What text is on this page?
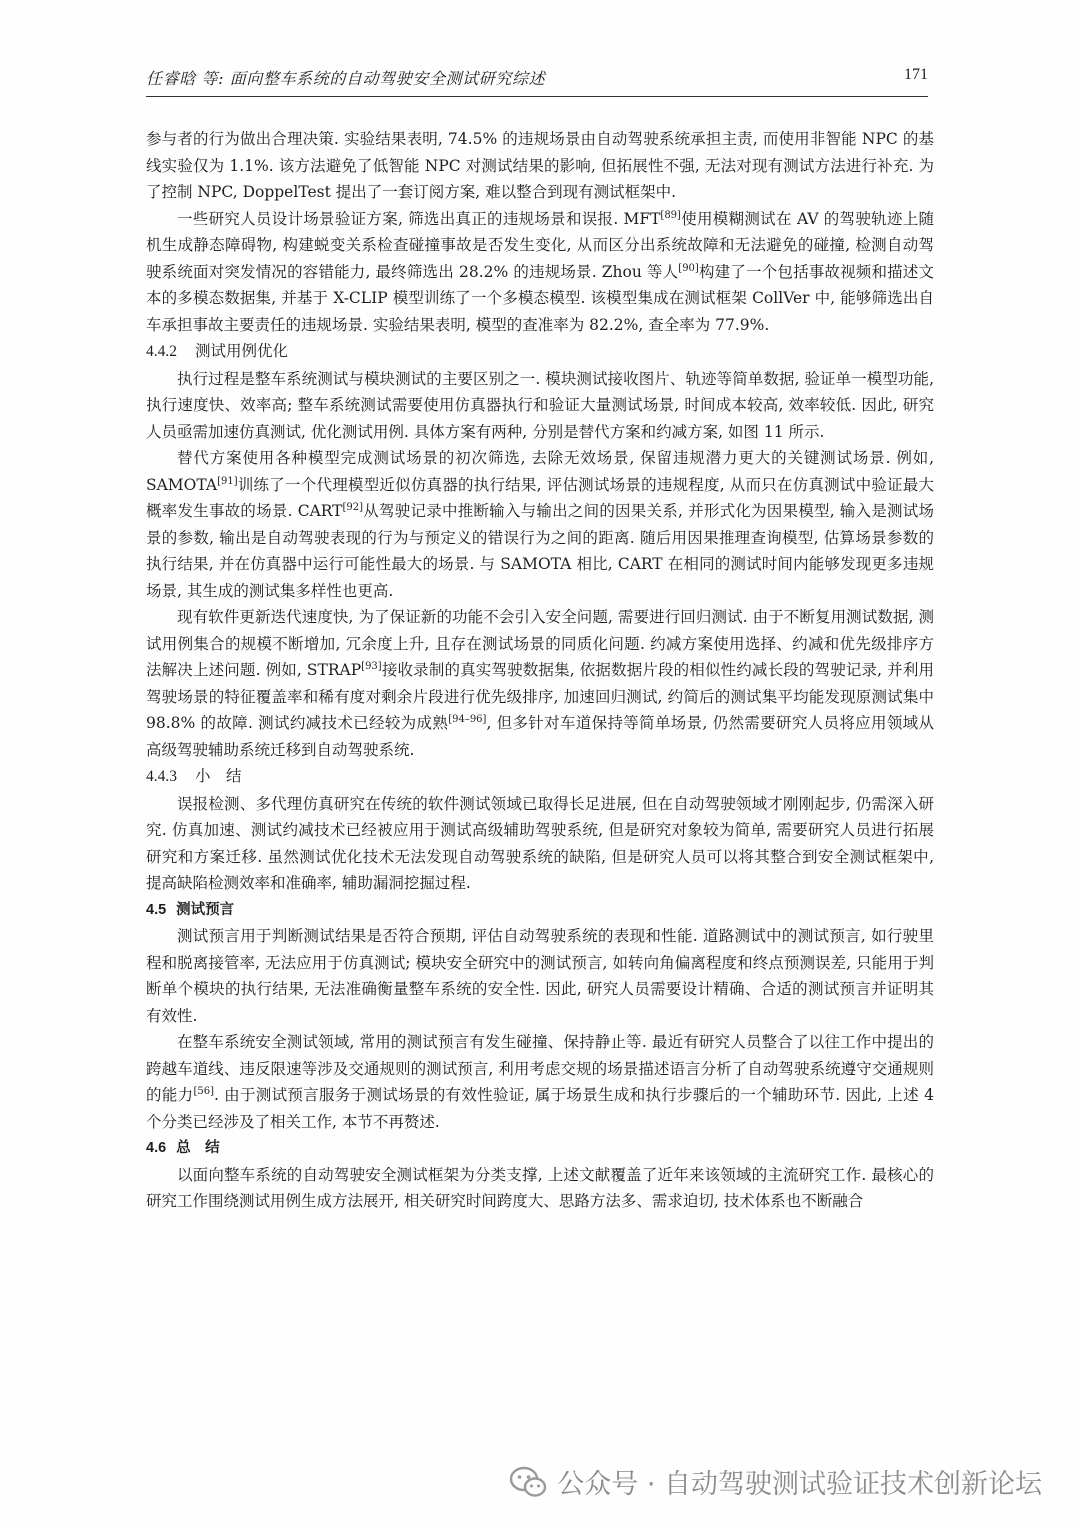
任睿晗 等: 面向整车系统的自动驾驶安全测试研究综述	171

参与者的行为做出合理决策. 实验结果表明, 74.5% 的违规场景由自动驾驶系统承担主责, 而使用非智能 NPC 的基线实验仅为 1.1%. 该方法避免了低智能 NPC 对测试结果的影响, 但拓展性不强, 无法对现有测试方法进行补充. 为了控制 NPC, DoppelTest 提出了一套订阅方案, 难以整合到现有测试框架中.

一些研究人员设计场景验证方案, 筛选出真正的违规场景和误报. MFT[89]使用模糊测试在 AV 的驾驶轨迹上随机生成静态障碍物, 构建蜕变关系检查碰撞事故是否发生变化, 从而区分出系统故障和无法避免的碰撞, 检测自动驾驶系统面对突发情况的容错能力, 最终筛选出 28.2% 的违规场景. Zhou 等人[90]构建了一个包括事故视频和描述文本的多模态数据集, 并基于 X-CLIP 模型训练了一个多模态模型. 该模型集成在测试框架 CollVer 中, 能够筛选出自车承担事故主要责任的违规场景. 实验结果表明, 模型的查准率为 82.2%, 查全率为 77.9%.

4.4.2 测试用例优化

执行过程是整车系统测试与模块测试的主要区别之一. 模块测试接收图片、轨迹等简单数据, 验证单一模型功能, 执行速度快、效率高; 整车系统测试需要使用仿真器执行和验证大量测试场景, 时间成本较高, 效率较低. 因此, 研究人员亟需加速仿真测试, 优化测试用例. 具体方案有两种, 分别是替代方案和约减方案, 如图 11 所示.

替代方案使用各种模型完成测试场景的初次筛选, 去除无效场景, 保留违规潜力更大的关键测试场景. 例如, SAMOTA[91]训练了一个代理模型近似仿真器的执行结果, 评估测试场景的违规程度, 从而只在仿真测试中验证最大概率发生事故的场景. CART[92]从驾驶记录中推断输入与输出之间的因果关系, 并形式化为因果模型, 输入是测试场景的参数, 输出是自动驾驶表现的行为与预定义的错误行为之间的距离. 随后用因果推理查询模型, 估算场景参数的执行结果, 并在仿真器中运行可能性最大的场景. 与 SAMOTA 相比, CART 在相同的测试时间内能够发现更多违规场景, 其生成的测试集多样性也更高.

现有软件更新迭代速度快, 为了保证新的功能不会引入安全问题, 需要进行回归测试. 由于不断复用测试数据, 测试用例集合的规模不断增加, 冗余度上升, 且存在测试场景的同质化问题. 约减方案使用选择、约减和优先级排序方法解决上述问题. 例如, STRAP[93]接收录制的真实驾驶数据集, 依据数据片段的相似性约减长段的驾驶记录, 并利用驾驶场景的特征覆盖率和稀有度对剩余片段进行优先级排序, 加速回归测试, 约简后的测试集平均能发现原测试集中 98.8% 的故障. 测试约减技术已经较为成熟[94–96], 但多针对车道保持等简单场景, 仍然需要研究人员将应用领域从高级驾驶辅助系统迁移到自动驾驶系统.

4.4.3 小　结

误报检测、多代理仿真研究在传统的软件测试领域已取得长足进展, 但在自动驾驶领域才刚刚起步, 仍需深入研究. 仿真加速、测试约减技术已经被应用于测试高级辅助驾驶系统, 但是研究对象较为简单, 需要研究人员进行拓展研究和方案迁移. 虽然测试优化技术无法发现自动驾驶系统的缺陷, 但是研究人员可以将其整合到安全测试框架中, 提高缺陷检测效率和准确率, 辅助漏洞挖掘过程.

4.5 测试预言

测试预言用于判断测试结果是否符合预期, 评估自动驾驶系统的表现和性能. 道路测试中的测试预言, 如行驶里程和脱离接管率, 无法应用于仿真测试; 模块安全研究中的测试预言, 如转向角偏离程度和终点预测误差, 只能用于判断单个模块的执行结果, 无法准确衡量整车系统的安全性. 因此, 研究人员需要设计精确、合适的测试预言并证明其有效性.

在整车系统安全测试领域, 常用的测试预言有发生碰撞、保持静止等. 最近有研究人员整合了以往工作中提出的跨越车道线、违反限速等涉及交通规则的测试预言, 利用考虑交规的场景描述语言分析了自动驾驶系统遵守交通规则的能力[56]. 由于测试预言服务于测试场景的有效性验证, 属于场景生成和执行步骤后的一个辅助环节. 因此, 上述 4 个分类已经涉及了相关工作, 本节不再赘述.

4.6 总　结

以面向整车系统的自动驾驶安全测试框架为分类支撑, 上述文献覆盖了近年来该领域的主流研究工作. 最核心的研究工作围绕测试用例生成方法展开, 相关研究时间跨度大、思路方法多、需求迫切, 技术体系也不断融合

公众号 · 自动驾驶测试验证技术创新论坛
